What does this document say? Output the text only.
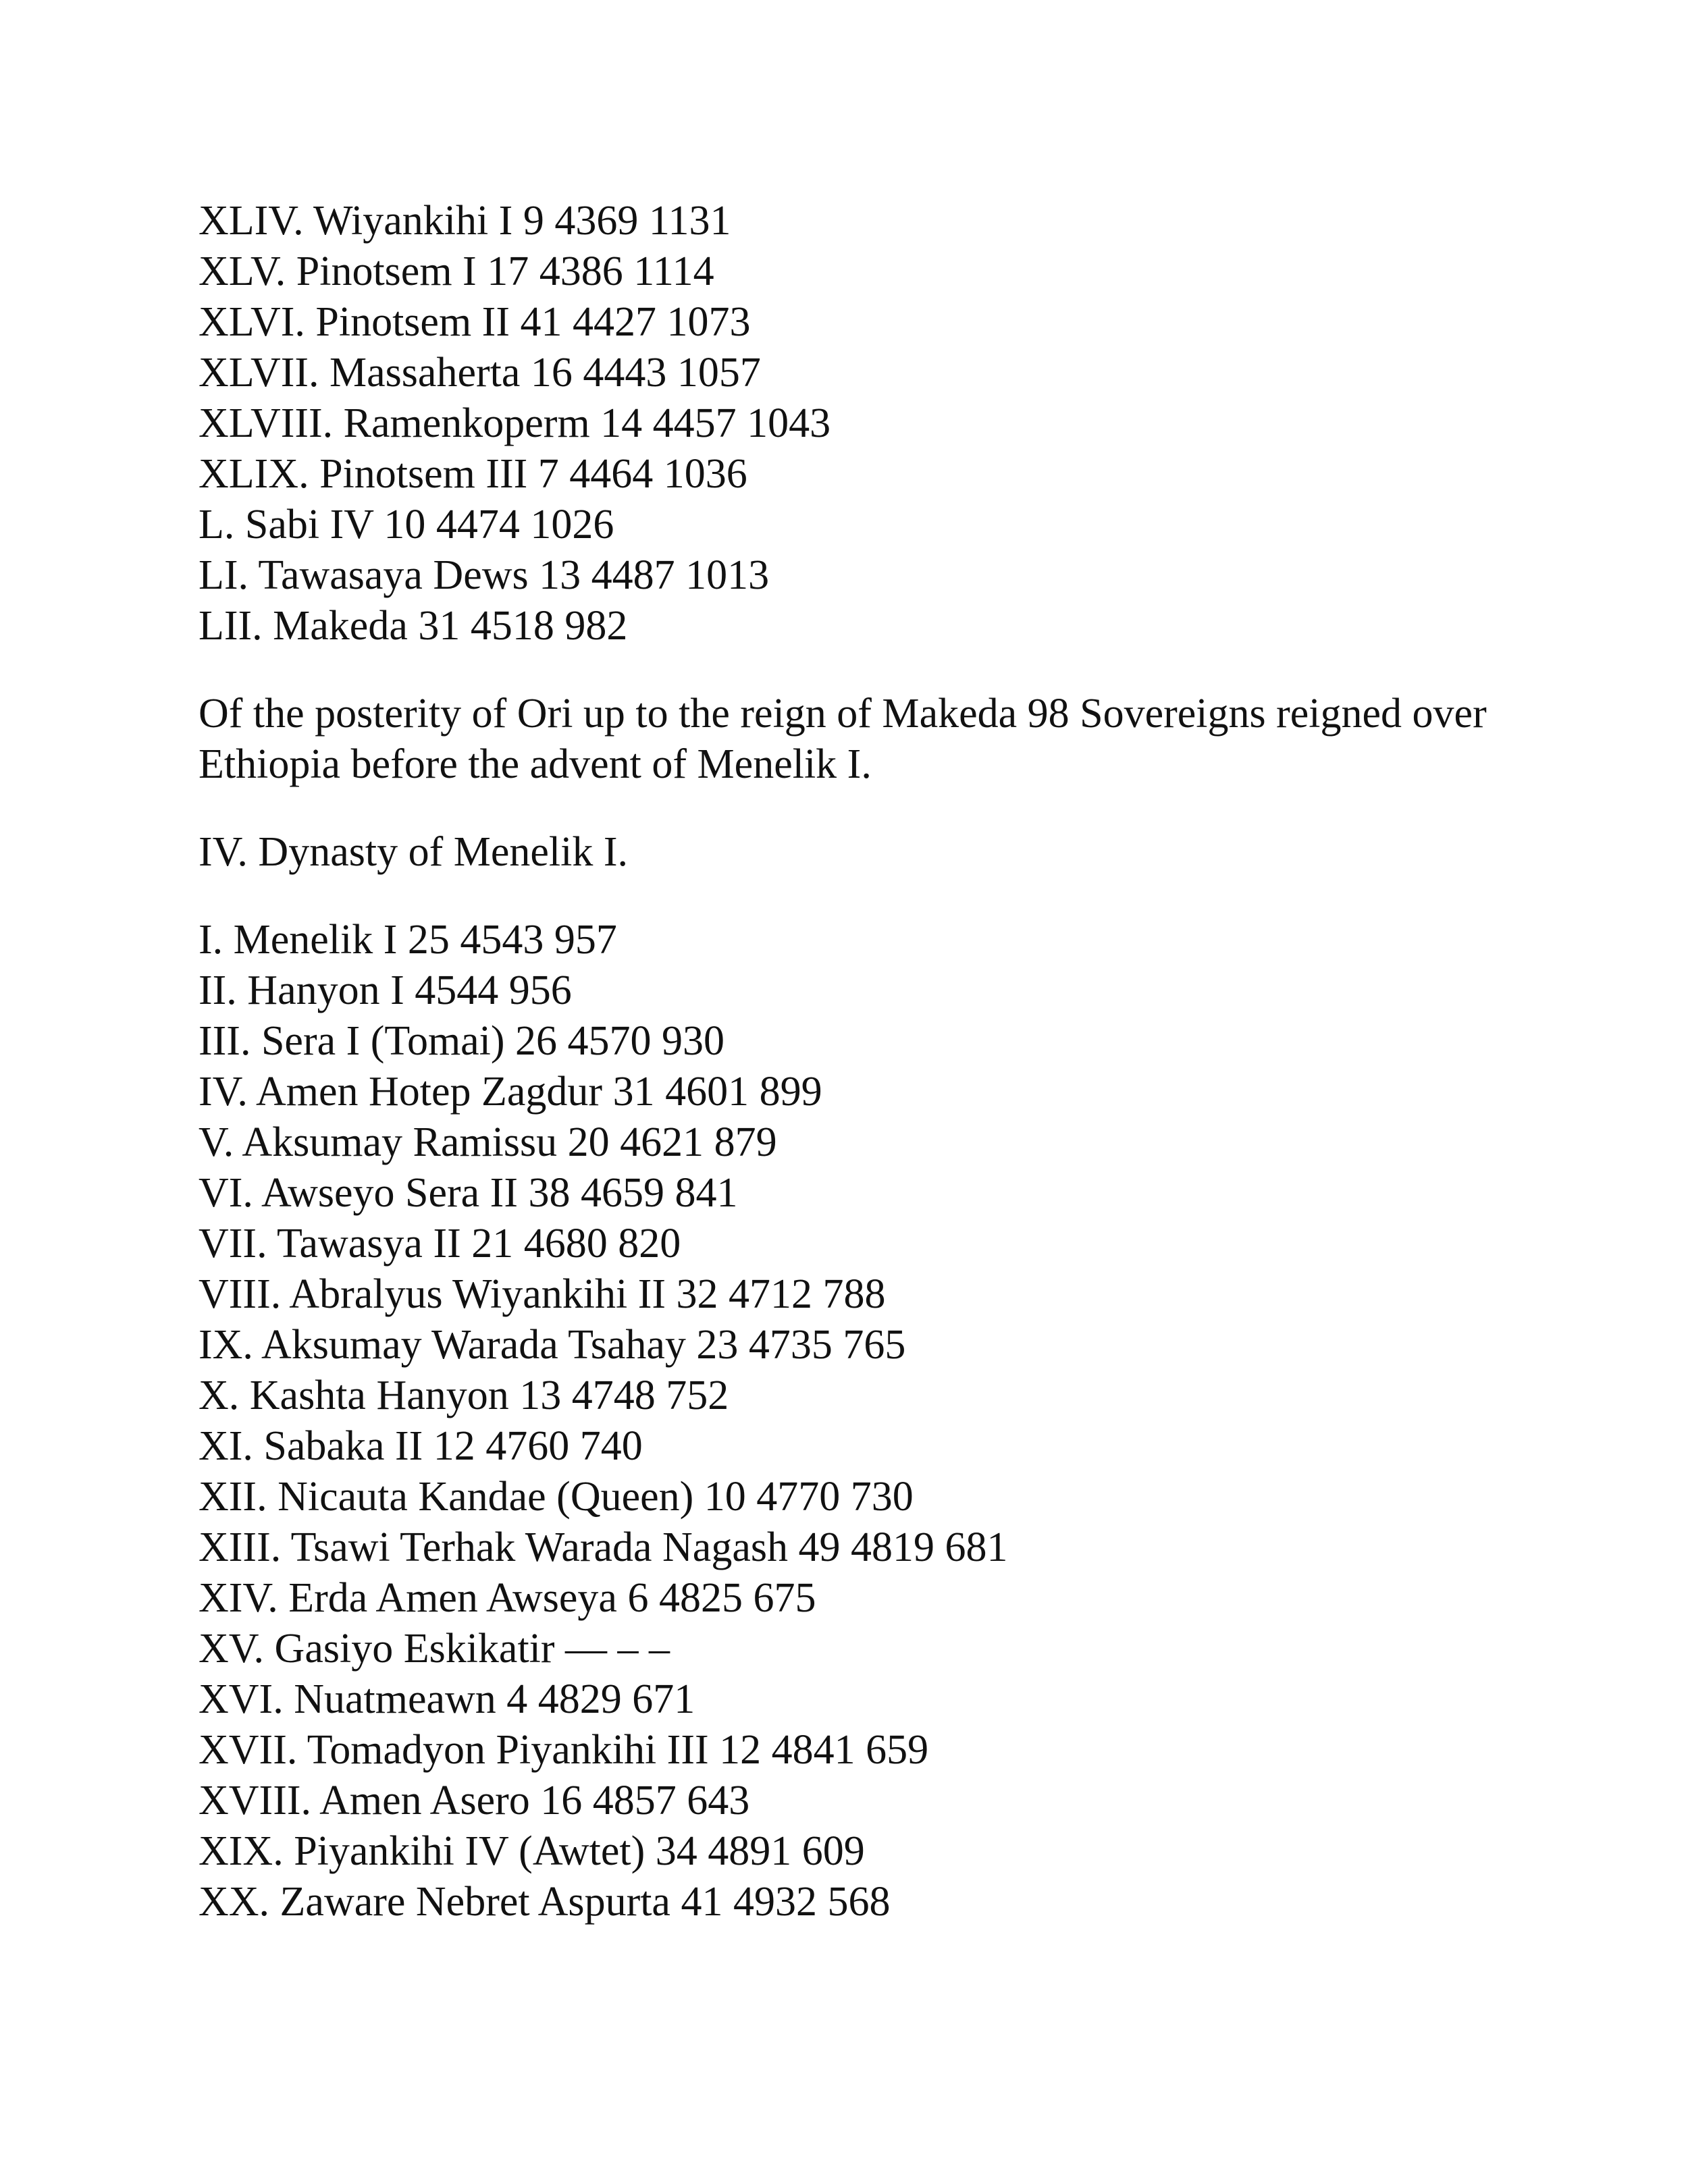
XLIV. Wiyankihi I 9 4369 1131
XLV. Pinotsem I 17 4386 1114
XLVI. Pinotsem II 41 4427 1073
XLVII. Massaherta 16 4443 1057
XLVIII. Ramenkoperm 14 4457 1043
XLIX. Pinotsem III 7 4464 1036
L. Sabi IV 10 4474 1026
LI. Tawasaya Dews 13 4487 1013
LII. Makeda 31 4518 982

Of the posterity of Ori up to the reign of Makeda 98 Sovereigns reigned over Ethiopia before the advent of Menelik I.

IV. Dynasty of Menelik I.

I. Menelik I 25 4543 957
II. Hanyon I 4544 956
III. Sera I (Tomai) 26 4570 930
IV. Amen Hotep Zagdur 31 4601 899
V. Aksumay Ramissu 20 4621 879
VI. Awseyo Sera II 38 4659 841
VII. Tawasya II 21 4680 820
VIII. Abralyus Wiyankihi II 32 4712 788
IX. Aksumay Warada Tsahay 23 4735 765
X. Kashta Hanyon 13 4748 752
XI. Sabaka II 12 4760 740
XII. Nicauta Kandae (Queen) 10 4770 730
XIII. Tsawi Terhak Warada Nagash 49 4819 681
XIV. Erda Amen Awseya 6 4825 675
XV. Gasiyo Eskikatir — – –
XVI. Nuatmeawn 4 4829 671
XVII. Tomadyon Piyankihi III 12 4841 659
XVIII. Amen Asero 16 4857 643
XIX. Piyankihi IV (Awtet) 34 4891 609
XX. Zaware Nebret Aspurta 41 4932 568
